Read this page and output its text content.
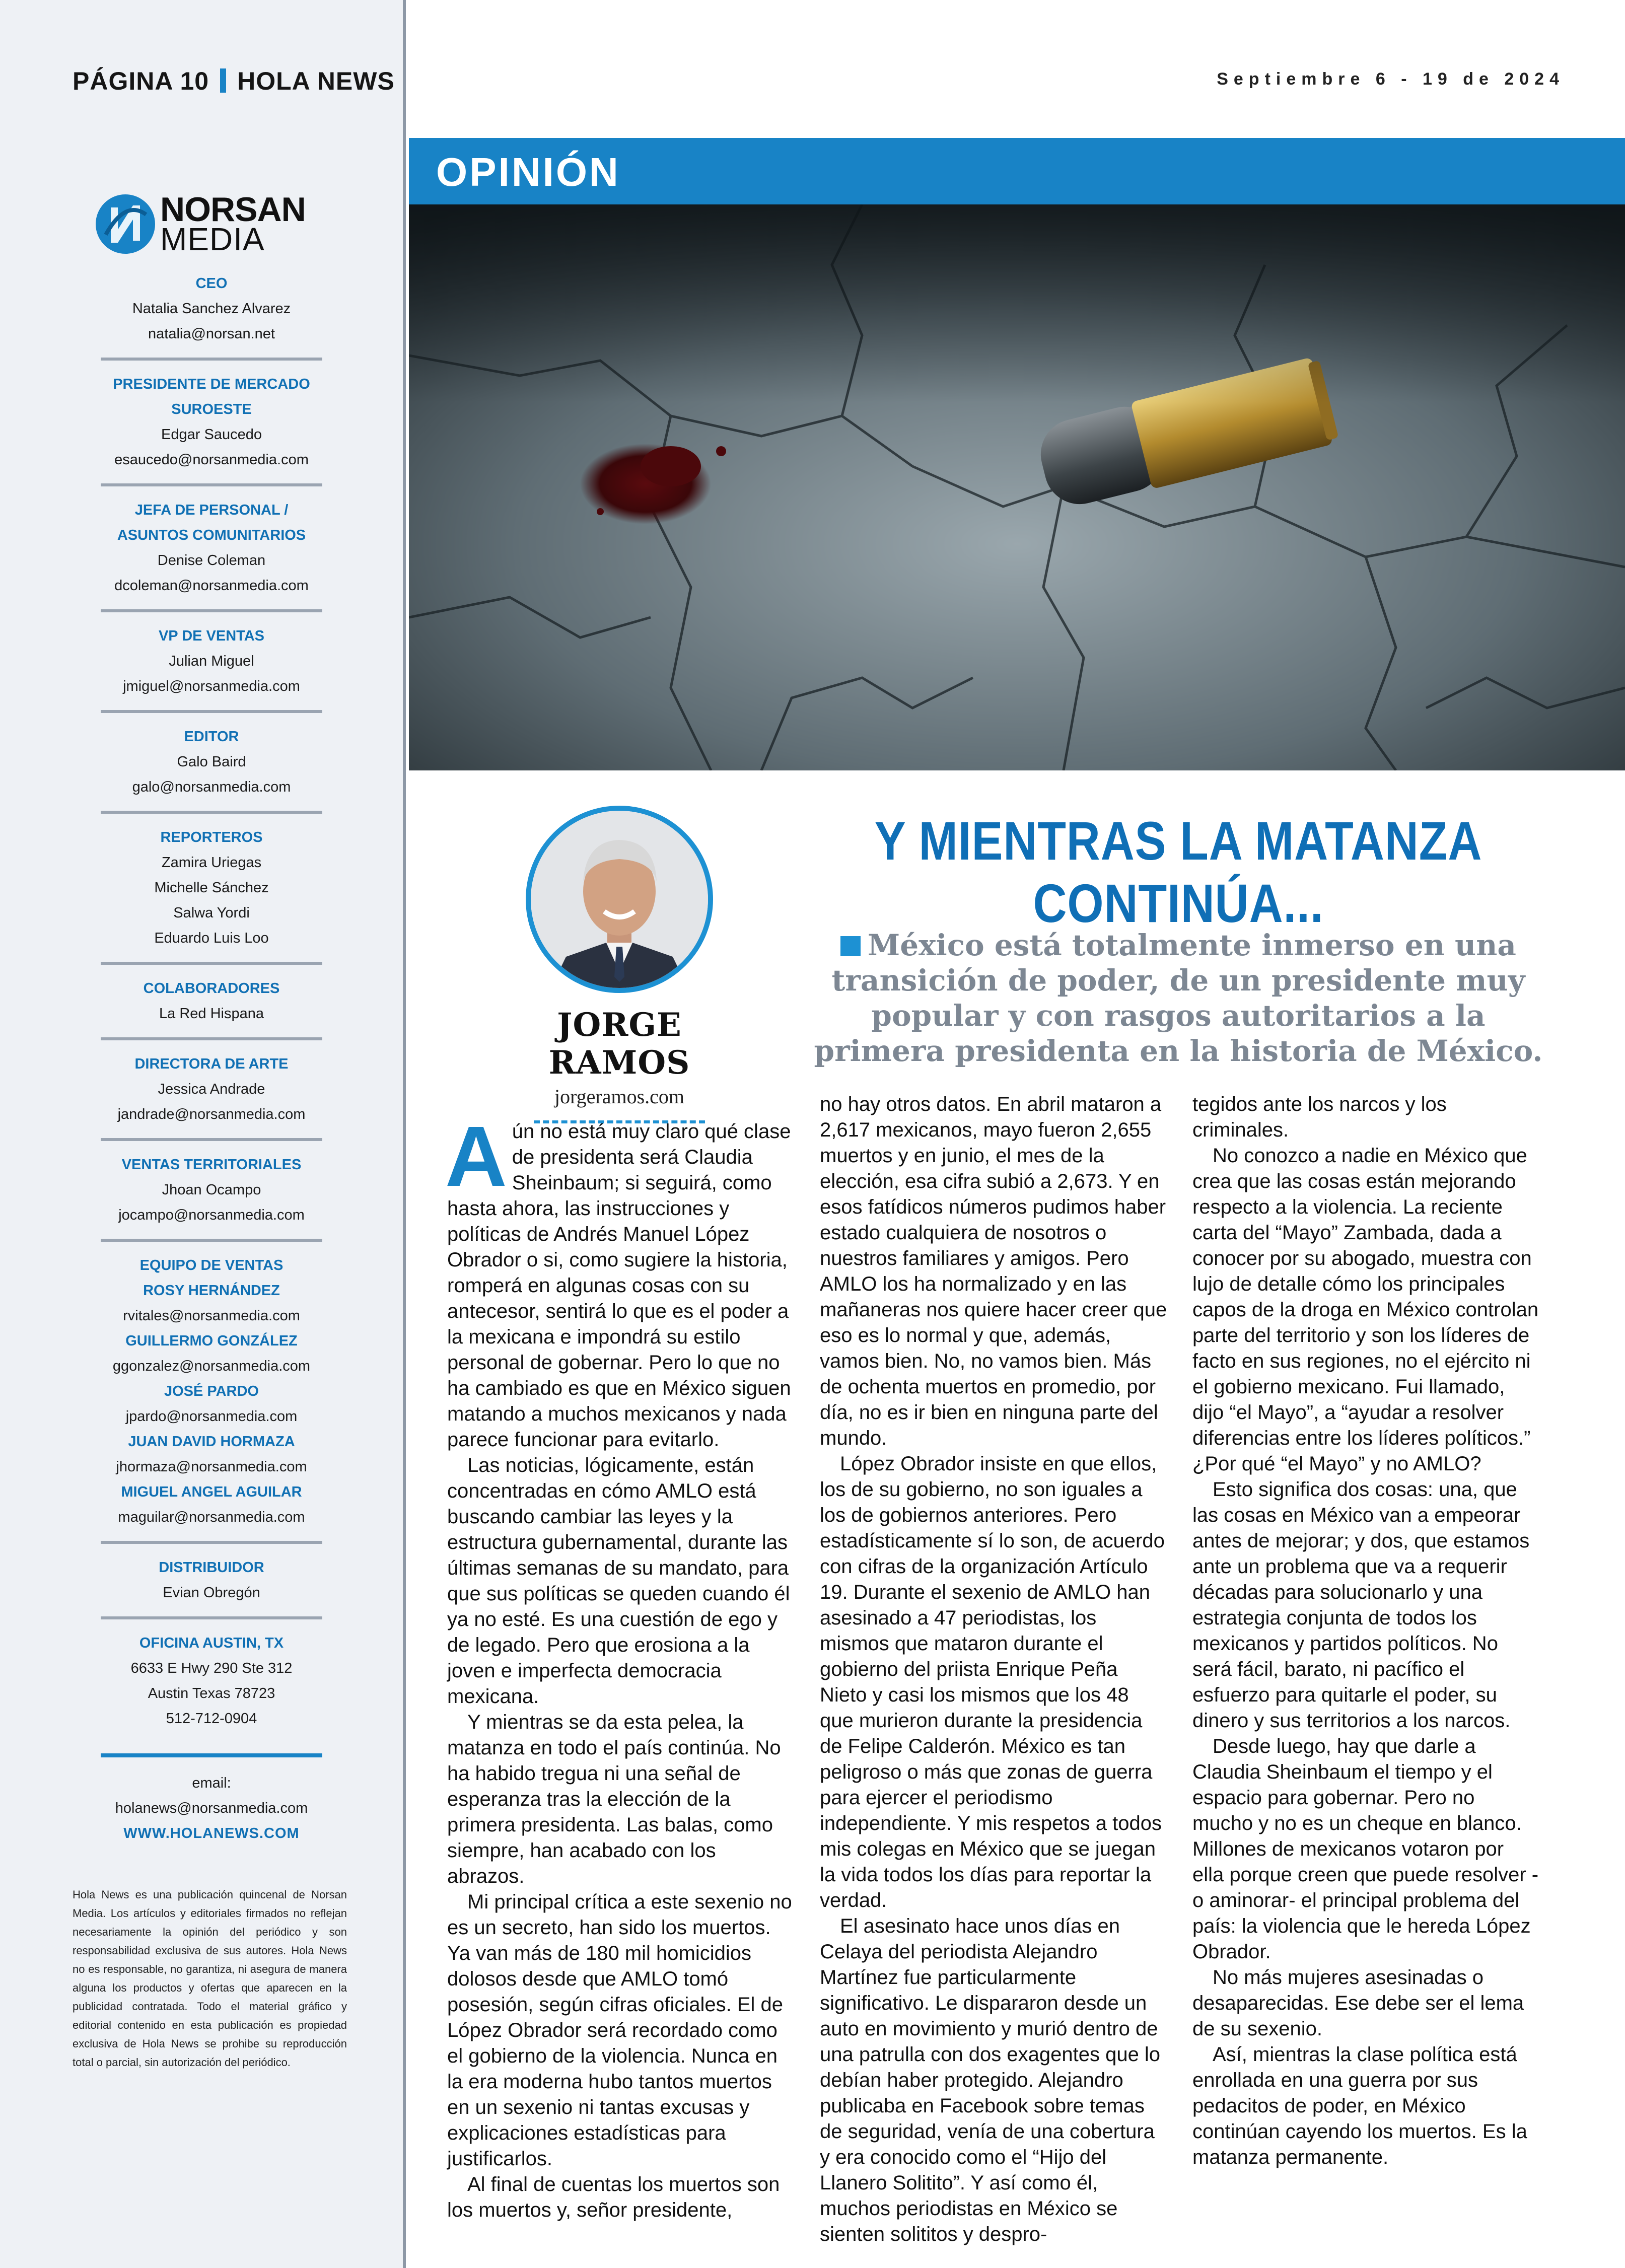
PÁGINA 10 HOLA NEWS
NORSAN
MEDIA
CEO
Natalia Sanchez Alvarez
natalia@norsan.net
PRESIDENTE DE MERCADO SUROESTE
Edgar Saucedo
esaucedo@norsanmedia.com
JEFA DE PERSONAL / ASUNTOS COMUNITARIOS
Denise Coleman
dcoleman@norsanmedia.com
VP DE VENTAS
Julian Miguel
jmiguel@norsanmedia.com
EDITOR
Galo Baird
galo@norsanmedia.com
REPORTEROS
Zamira Uriegas
Michelle Sánchez
Salwa Yordi
Eduardo Luis Loo
COLABORADORES
La Red Hispana
DIRECTORA DE ARTE
Jessica Andrade
jandrade@norsanmedia.com
VENTAS TERRITORIALES
Jhoan Ocampo
jocampo@norsanmedia.com
EQUIPO DE VENTAS
ROSY HERNÁNDEZ
rvitales@norsanmedia.com
GUILLERMO GONZÁLEZ
ggonzalez@norsanmedia.com
JOSÉ PARDO
jpardo@norsanmedia.com
JUAN DAVID HORMAZA
jhormaza@norsanmedia.com
MIGUEL ANGEL AGUILAR
maguilar@norsanmedia.com
DISTRIBUIDOR
Evian Obregón
OFICINA AUSTIN, TX
6633 E Hwy 290 Ste 312
Austin Texas 78723
512-712-0904
email: holanews@norsanmedia.com
WWW.HOLANEWS.COM
Hola News es una publicación quincenal de Norsan Media. Los artículos y editoriales firmados no reflejan necesariamente la opinión del periódico y son responsabilidad exclusiva de sus autores. Hola News no es responsable, no garantiza, ni asegura de manera alguna los productos y ofertas que aparecen en la publicidad contratada. Todo el material gráfico y editorial contenido en esta publicación es propiedad exclusiva de Hola News se prohibe su reproducción total o parcial, sin autorización del periódico.
Septiembre 6 - 19 de 2024
OPINIÓN
JORGE RAMOS
jorgeramos.com
Y MIENTRAS LA MATANZA
CONTINÚA...
México está totalmente inmerso en una transición de poder, de un presidente muy popular y con rasgos autoritarios a la primera presidenta en la historia de México.

Aún no está muy claro qué clase de presidenta será Claudia Sheinbaum; si seguirá, como hasta ahora, las instrucciones y políticas de Andrés Manuel López Obrador o si, como sugiere la historia, romperá en algunas cosas con su antecesor, sentirá lo que es el poder a la mexicana e impondrá su estilo personal de gobernar. Pero lo que no ha cambiado es que en México siguen matando a muchos mexicanos y nada parece funcionar para evitarlo.

Las noticias, lógicamente, están concentradas en cómo AMLO está buscando cambiar las leyes y la estructura gubernamental, durante las últimas semanas de su mandato, para que sus políticas se queden cuando él ya no esté. Es una cuestión de ego y de legado. Pero que erosiona a la joven e imperfecta democracia mexicana.

Y mientras se da esta pelea, la matanza en todo el país continúa. No ha habido tregua ni una señal de esperanza tras la elección de la primera presidenta. Las balas, como siempre, han acabado con los abrazos.

Mi principal crítica a este sexenio no es un secreto, han sido los muertos. Ya van más de 180 mil homicidios dolosos desde que AMLO tomó posesión, según cifras oficiales. El de López Obrador será recordado como el gobierno de la violencia. Nunca en la era moderna hubo tantos muertos en un sexenio ni tantas excusas y explicaciones estadísticas para justificarlos.

Al final de cuentas los muertos son los muertos y, señor presidente,

no hay otros datos. En abril mataron a 2,617 mexicanos, mayo fueron 2,655 muertos y en junio, el mes de la elección, esa cifra subió a 2,673. Y en esos fatídicos números pudimos haber estado cualquiera de nosotros o nuestros familiares y amigos. Pero AMLO los ha normalizado y en las mañaneras nos quiere hacer creer que eso es lo normal y que, además, vamos bien. No, no vamos bien. Más de ochenta muertos en promedio, por día, no es ir bien en ninguna parte del mundo.

López Obrador insiste en que ellos, los de su gobierno, no son iguales a los de gobiernos anteriores. Pero estadísticamente sí lo son, de acuerdo con cifras de la organización Artículo 19. Durante el sexenio de AMLO han asesinado a 47 periodistas, los mismos que mataron durante el gobierno del priista Enrique Peña Nieto y casi los mismos que los 48 que murieron durante la presidencia de Felipe Calderón. México es tan peligroso o más que zonas de guerra para ejercer el periodismo independiente. Y mis respetos a todos mis colegas en México que se juegan la vida todos los días para reportar la verdad.

El asesinato hace unos días en Celaya del periodista Alejandro Martínez fue particularmente significativo. Le dispararon desde un auto en movimiento y murió dentro de una patrulla con dos exagentes que lo debían haber protegido. Alejandro publicaba en Facebook sobre temas de seguridad, venía de una cobertura y era conocido como el “Hijo del Llanero Solitito”. Y así como él, muchos periodistas en México se sienten solititos y despro-

tegidos ante los narcos y los criminales.

No conozco a nadie en México que crea que las cosas están mejorando respecto a la violencia. La reciente carta del “Mayo” Zambada, dada a conocer por su abogado, muestra con lujo de detalle cómo los principales capos de la droga en México controlan parte del territorio y son los líderes de facto en sus regiones, no el ejército ni el gobierno mexicano. Fui llamado, dijo “el Mayo”, a “ayudar a resolver diferencias entre los líderes políticos.” ¿Por qué “el Mayo” y no AMLO?

Esto significa dos cosas: una, que las cosas en México van a empeorar antes de mejorar; y dos, que estamos ante un problema que va a requerir décadas para solucionarlo y una estrategia conjunta de todos los mexicanos y partidos políticos. No será fácil, barato, ni pacífico el esfuerzo para quitarle el poder, su dinero y sus territorios a los narcos.

Desde luego, hay que darle a Claudia Sheinbaum el tiempo y el espacio para gobernar. Pero no mucho y no es un cheque en blanco. Millones de mexicanos votaron por ella porque creen que puede resolver -o aminorar- el principal problema del país: la violencia que le hereda López Obrador.

No más mujeres asesinadas o desaparecidas. Ese debe ser el lema de su sexenio.

Así, mientras la clase política está enrollada en una guerra por sus pedacitos de poder, en México continúan cayendo los muertos. Es la matanza permanente.
